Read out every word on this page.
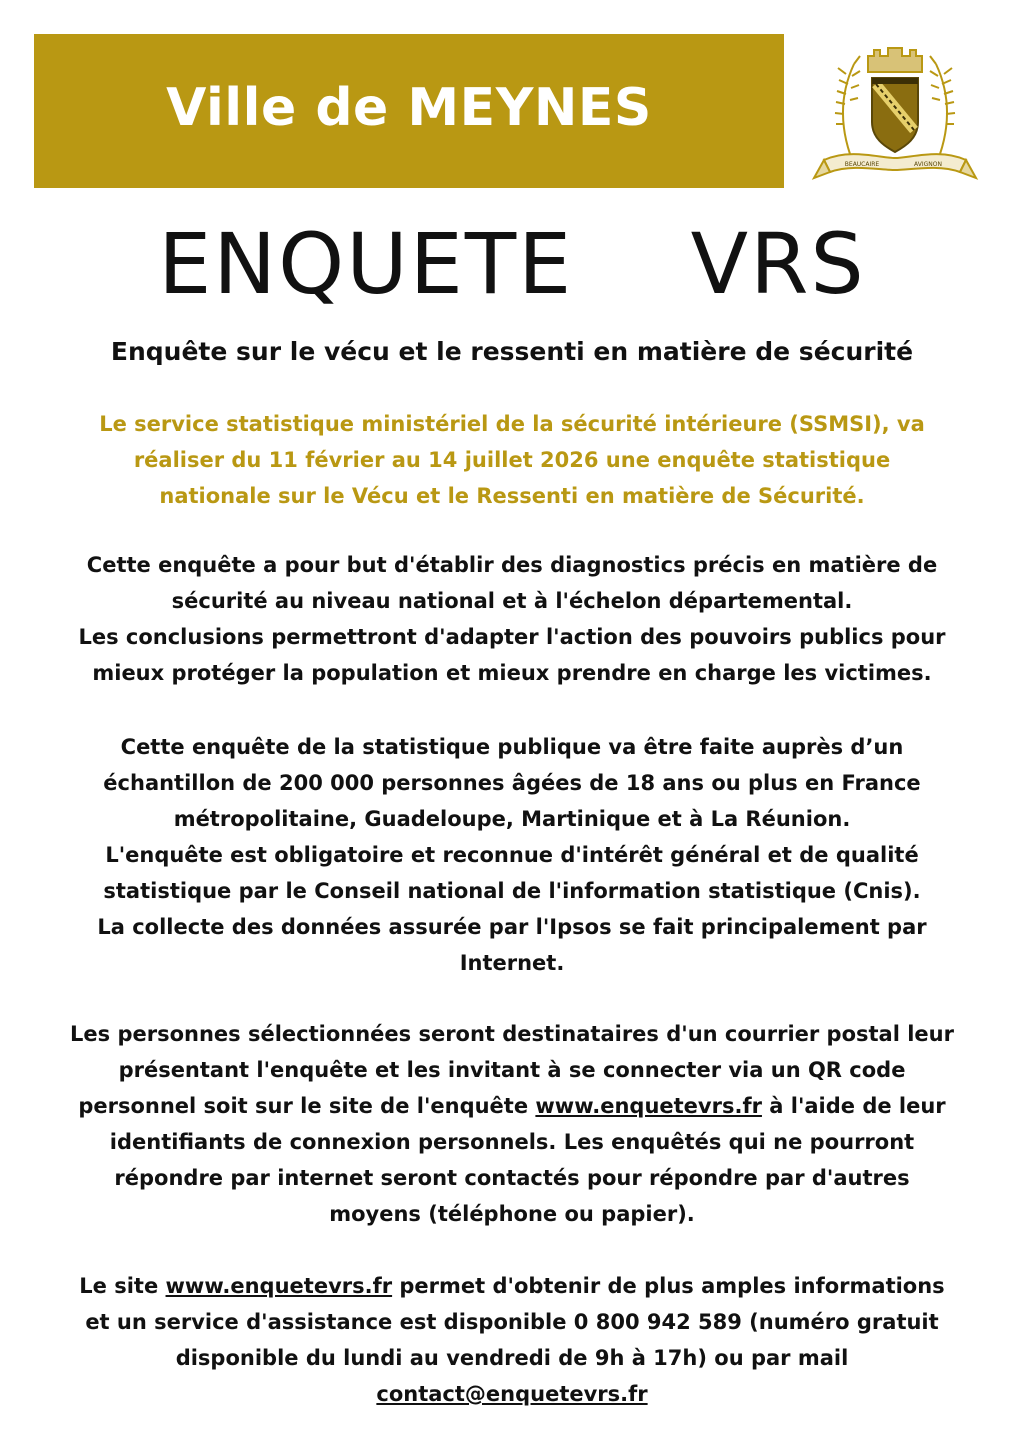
Ville de MEYNES
BEAUCAIRE	AVIGNON
ENQUETE  VRS
Enquête sur le vécu et le ressenti en matière de sécurité
Le service statistique ministériel de la sécurité intérieure (SSMSI), va
réaliser du 11 février au 14 juillet 2026 une enquête statistique
nationale sur le Vécu et le Ressenti en matière de Sécurité.
Cette enquête a pour but d'établir des diagnostics précis en matière de
sécurité au niveau national et à l'échelon départemental.
Les conclusions permettront d'adapter l'action des pouvoirs publics pour
mieux protéger la population et mieux prendre en charge les victimes.
Cette enquête de la statistique publique va être faite auprès d’un
échantillon de 200 000 personnes âgées de 18 ans ou plus en France
métropolitaine, Guadeloupe, Martinique et à La Réunion.
L'enquête est obligatoire et reconnue d'intérêt général et de qualité
statistique par le Conseil national de l'information statistique (Cnis).
La collecte des données assurée par l'Ipsos se fait principalement par
Internet.
Les personnes sélectionnées seront destinataires d'un courrier postal leur
présentant l'enquête et les invitant à se connecter via un QR code
personnel soit sur le site de l'enquête www.enquetevrs.fr à l'aide de leur
identifiants de connexion personnels. Les enquêtés qui ne pourront
répondre par internet seront contactés pour répondre par d'autres
moyens (téléphone ou papier).
Le site www.enquetevrs.fr permet d'obtenir de plus amples informations
et un service d'assistance est disponible 0 800 942 589 (numéro gratuit
disponible du lundi au vendredi de 9h à 17h) ou par mail
contact@enquetevrs.fr
